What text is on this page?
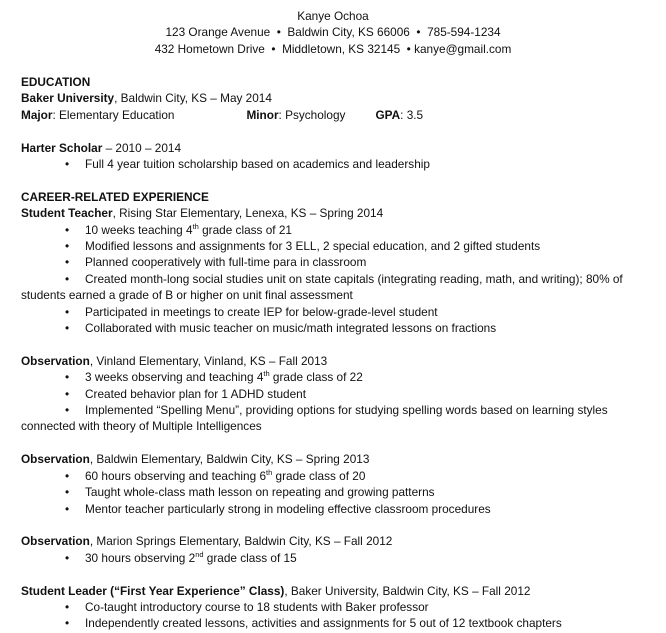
Kanye Ochoa
123 Orange Avenue  •  Baldwin City, KS 66006  •  785-594-1234
432 Hometown Drive  •  Middletown, KS 32145  • kanye@gmail.com
EDUCATION
Baker University, Baldwin City, KS – May 2014
Major: Elementary Education	Minor: Psychology	GPA: 3.5
Harter Scholar – 2010 – 2014
• Full 4 year tuition scholarship based on academics and leadership
CAREER-RELATED EXPERIENCE
Student Teacher, Rising Star Elementary, Lenexa, KS – Spring 2014
• 10 weeks teaching 4th grade class of 21
• Modified lessons and assignments for 3 ELL, 2 special education, and 2 gifted students
• Planned cooperatively with full-time para in classroom
• Created month-long social studies unit on state capitals (integrating reading, math, and writing); 80% of
students earned a grade of B or higher on unit final assessment
• Participated in meetings to create IEP for below-grade-level student
• Collaborated with music teacher on music/math integrated lessons on fractions
Observation, Vinland Elementary, Vinland, KS – Fall 2013
• 3 weeks observing and teaching 4th grade class of 22
• Created behavior plan for 1 ADHD student
• Implemented “Spelling Menu”, providing options for studying spelling words based on learning styles
connected with theory of Multiple Intelligences
Observation, Baldwin Elementary, Baldwin City, KS – Spring 2013
• 60 hours observing and teaching 6th grade class of 20
• Taught whole-class math lesson on repeating and growing patterns
• Mentor teacher particularly strong in modeling effective classroom procedures
Observation, Marion Springs Elementary, Baldwin City, KS – Fall 2012
• 30 hours observing 2nd grade class of 15
Student Leader (“First Year Experience” Class), Baker University, Baldwin City, KS – Fall 2012
• Co-taught introductory course to 18 students with Baker professor
• Independently created lessons, activities and assignments for 5 out of 12 textbook chapters
